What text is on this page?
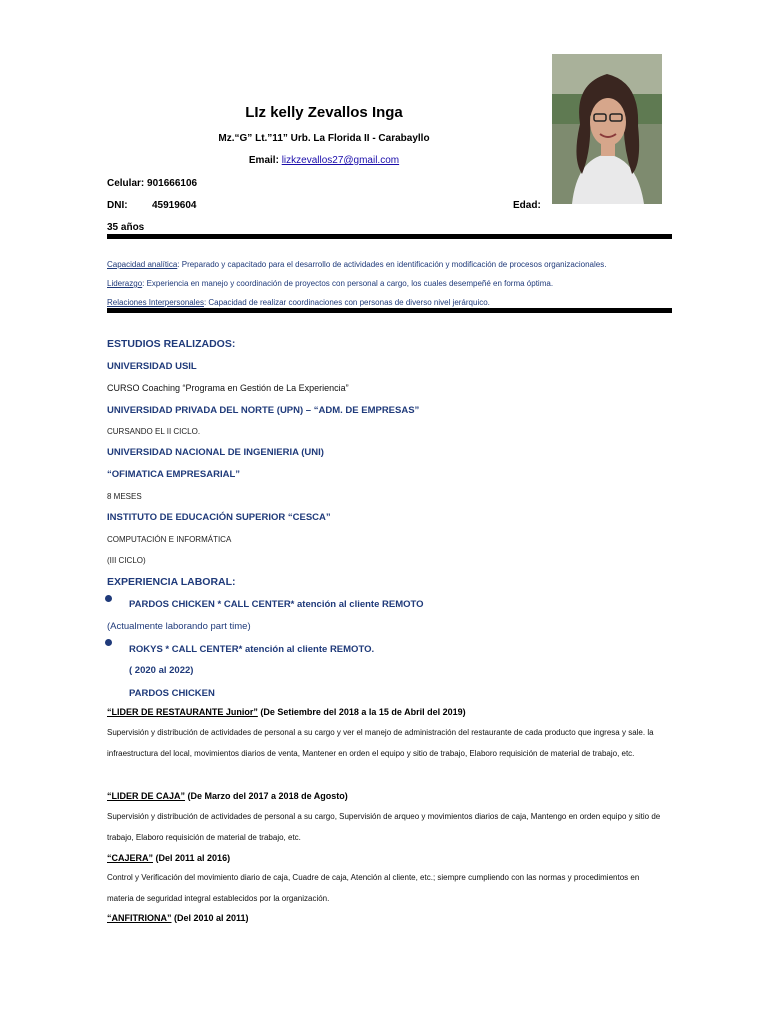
LIz kelly Zevallos Inga
Mz.“G” Lt.”11” Urb. La Florida II - Carabayllo
Email: lizkzevallos27@gmail.com
Celular: 901666106
DNI: 45919604	Edad:
35 años
Capacidad analítica: Preparado y capacitado para el desarrollo de actividades en identificación y modificación de procesos organizacionales.
Liderazgo: Experiencia en manejo y coordinación de proyectos con personal a cargo, los cuales desempeñé en forma óptima.
Relaciones Interpersonales: Capacidad de realizar coordinaciones con personas de diverso nivel jerárquico.
ESTUDIOS REALIZADOS:
UNIVERSIDAD USIL
CURSO Coaching “Programa en Gestión de La Experiencia”
UNIVERSIDAD PRIVADA DEL NORTE (UPN) – “ADM. DE EMPRESAS”
CURSANDO EL II CICLO.
UNIVERSIDAD NACIONAL DE INGENIERIA (UNI)
“OFIMATICA EMPRESARIAL”
8 MESES
INSTITUTO DE EDUCACIÓN SUPERIOR “CESCA”
COMPUTACIÓN E INFORMÁTICA
(III CICLO)
EXPERIENCIA LABORAL:
PARDOS CHICKEN * CALL CENTER* atención al cliente REMOTO
(Actualmente laborando part time)
ROKYS * CALL CENTER* atención al cliente REMOTO.
( 2020 al 2022)
PARDOS CHICKEN
“LIDER DE RESTAURANTE Junior” (De Setiembre del 2018 a la 15 de Abril del 2019)
Supervisión y distribución de actividades de personal a su cargo y ver el manejo de administración del restaurante de cada producto que ingresa y sale. la infraestructura del local, movimientos diarios de venta, Mantener en orden el equipo y sitio de trabajo, Elaboro requisición de material de trabajo, etc.
“LIDER DE CAJA” (De Marzo del 2017 a 2018 de Agosto)
Supervisión y distribución de actividades de personal a su cargo, Supervisión de arqueo y movimientos diarios de caja, Mantengo en orden equipo y sitio de trabajo, Elaboro requisición de material de trabajo, etc.
“CAJERA” (Del 2011 al 2016)
Control y Verificación del movimiento diario de caja, Cuadre de caja, Atención al cliente, etc.; siempre cumpliendo con las normas y procedimientos en materia de seguridad integral establecidos por la organización.
“ANFITRIONA” (Del 2010 al 2011)
